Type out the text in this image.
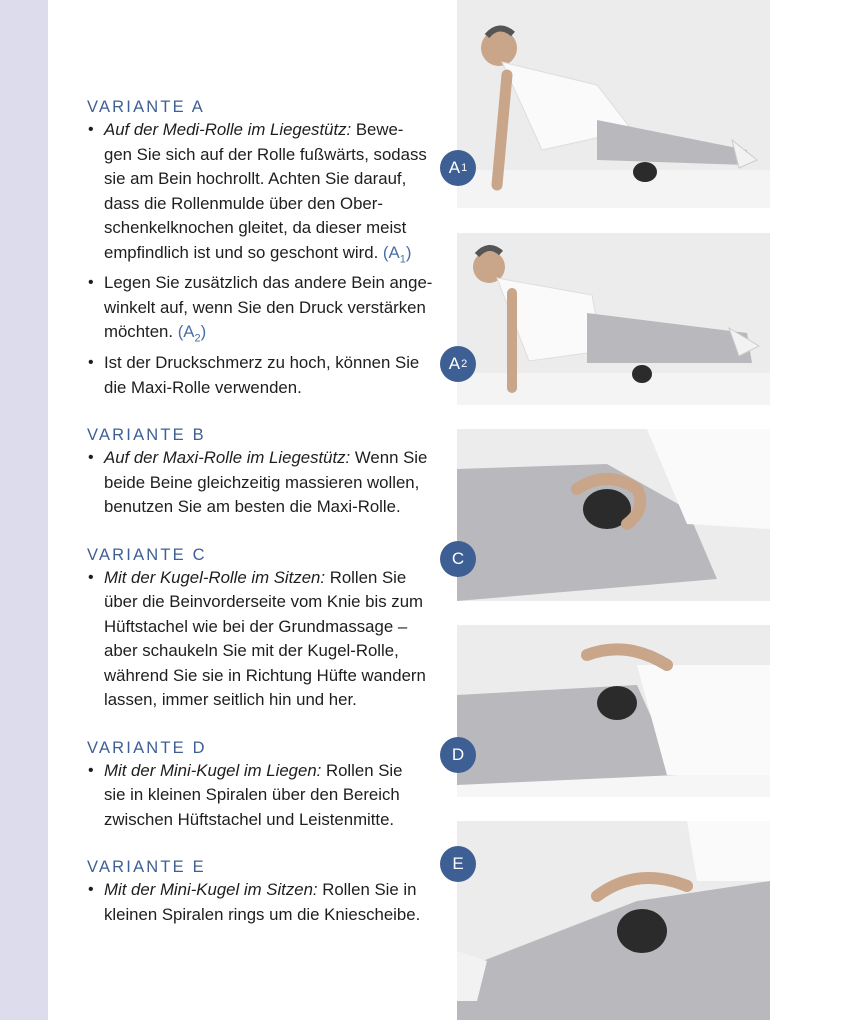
VARIANTE A
• Auf der Medi-Rolle im Liegestütz: Bewe-
gen Sie sich auf der Rolle fußwärts, sodass
sie am Bein hochrollt. Achten Sie darauf,
dass die Rollenmulde über den Ober-
schenkelknochen gleitet, da dieser meist
empfindlich ist und so geschont wird. $(A_1)$
• Legen Sie zusätzlich das andere Bein ange-
winkelt auf, wenn Sie den Druck verstärken
möchten. $(A_2)$
• Ist der Druckschmerz zu hoch, können Sie
die Maxi-Rolle verwenden.
VARIANTE B
• Auf der Maxi-Rolle im Liegestütz: Wenn Sie
beide Beine gleichzeitig massieren wollen,
benutzen Sie am besten die Maxi-Rolle.
VARIANTE C
• Mit der Kugel-Rolle im Sitzen: Rollen Sie
über die Beinvorderseite vom Knie bis zum
Hüftstachel wie bei der Grundmassage –
aber schaukeln Sie mit der Kugel-Rolle,
während Sie sie in Richtung Hüfte wandern
lassen, immer seitlich hin und her.
VARIANTE D
• Mit der Mini-Kugel im Liegen: Rollen Sie
sie in kleinen Spiralen über den Bereich
zwischen Hüftstachel und Leistenmitte.
VARIANTE E
• Mit der Mini-Kugel im Sitzen: Rollen Sie in
kleinen Spiralen rings um die Kniescheibe.
A 1
A 2
C
D
E
